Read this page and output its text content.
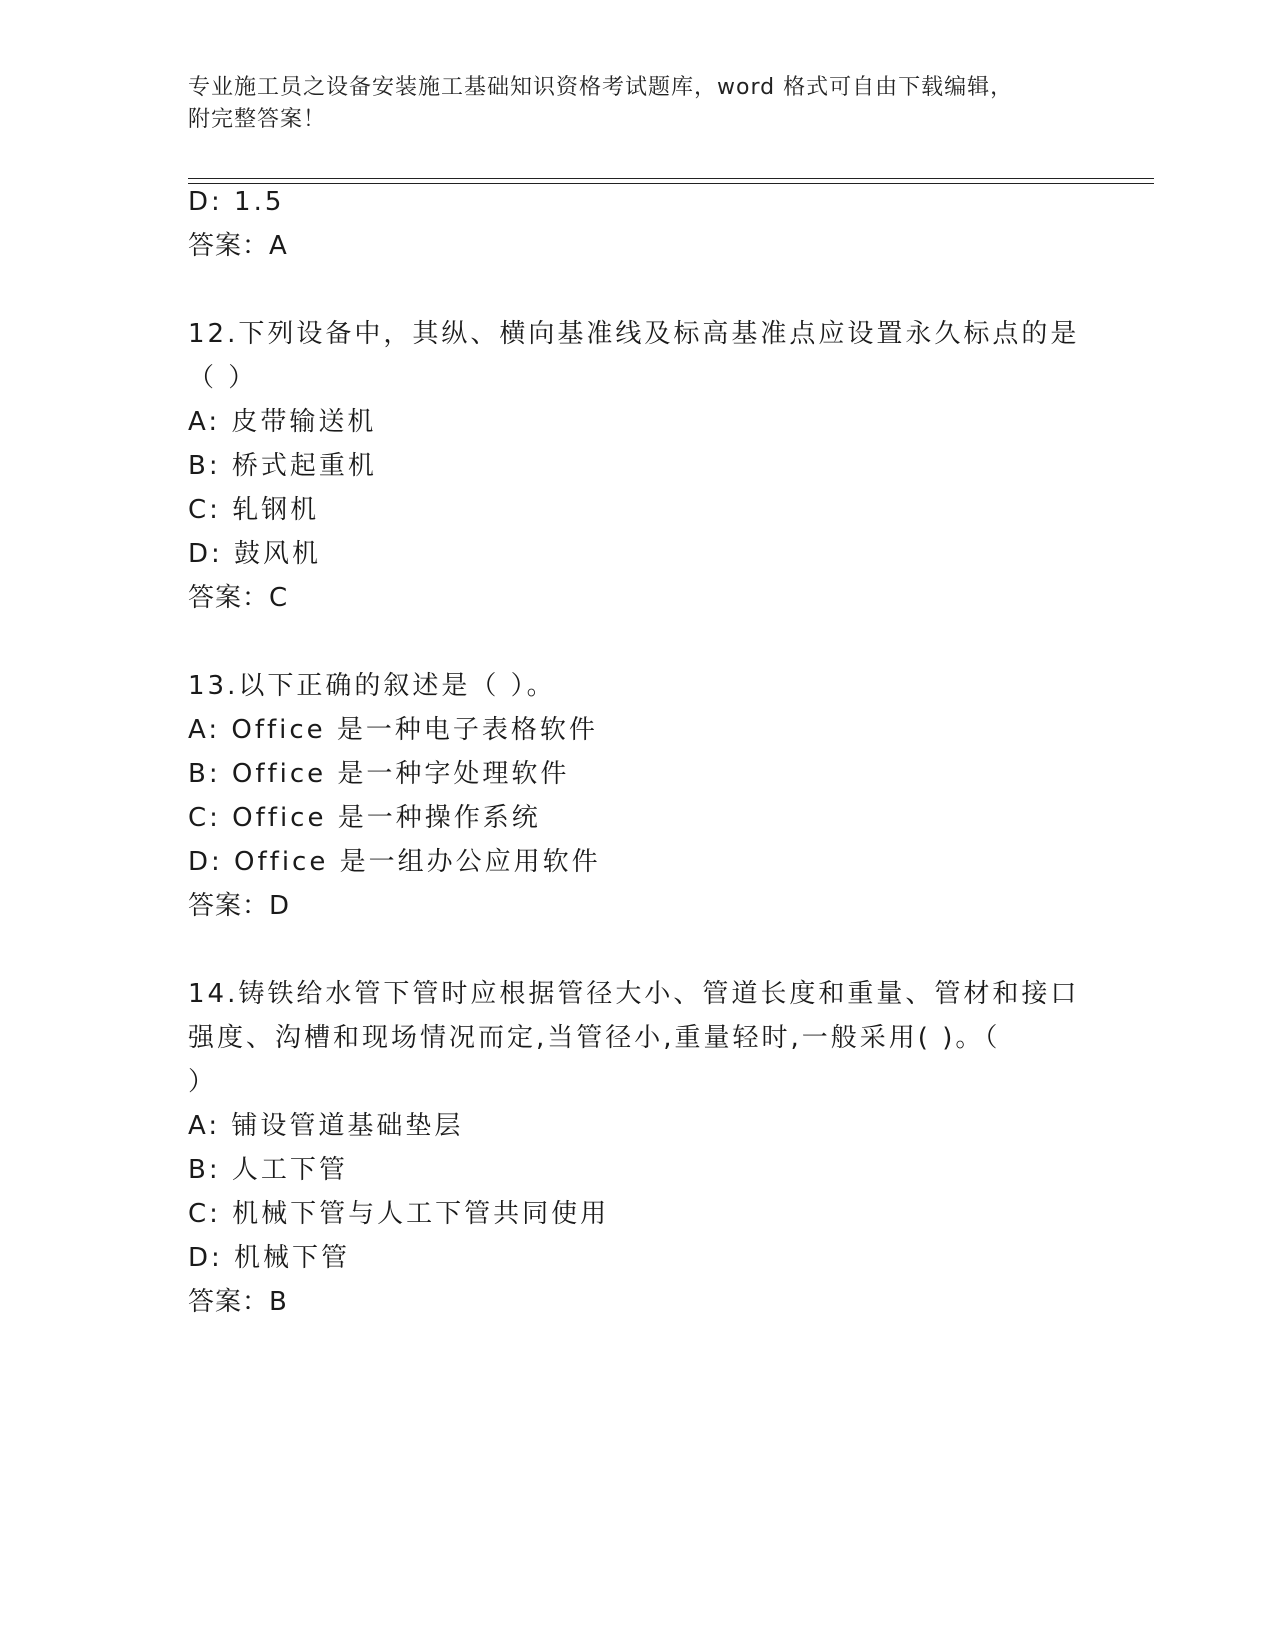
专业施工员之设备安装施工基础知识资格考试题库，word 格式可自由下载编辑，
附完整答案！
D: 1.5
答案：A
12.下列设备中，其纵、横向基准线及标高基准点应设置永久标点的是
（ ）
A: 皮带输送机
B: 桥式起重机
C: 轧钢机
D: 鼓风机
答案：C
13.以下正确的叙述是（ ）。
A: Office 是一种电子表格软件
B: Office 是一种字处理软件
C: Office 是一种操作系统
D: Office 是一组办公应用软件
答案：D
14.铸铁给水管下管时应根据管径大小、管道长度和重量、管材和接口
强度、沟槽和现场情况而定,当管径小,重量轻时,一般采用( )。（
）
A: 铺设管道基础垫层
B: 人工下管
C: 机械下管与人工下管共同使用
D: 机械下管
答案：B
